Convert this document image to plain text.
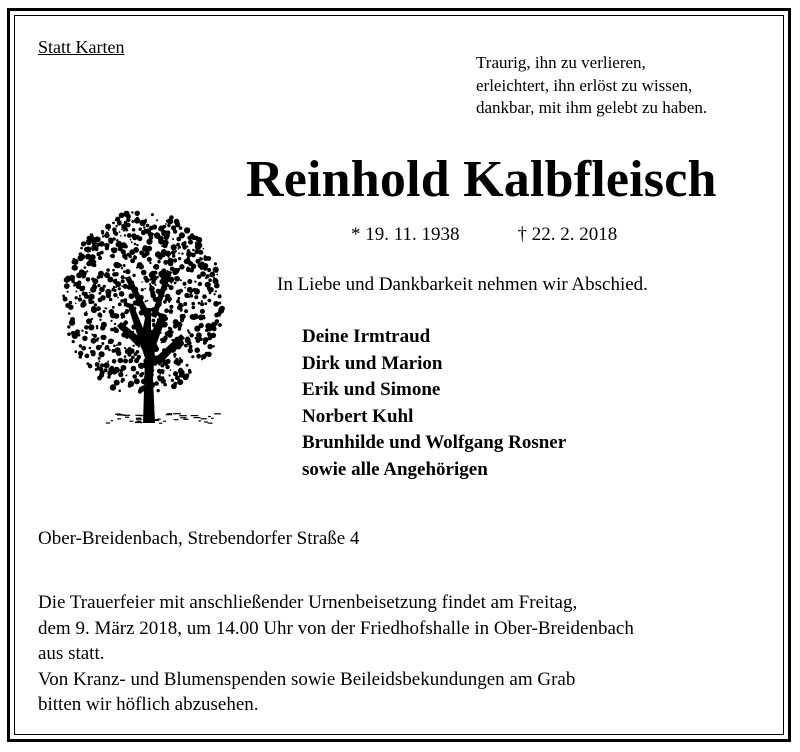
Statt Karten
Traurig, ihn zu verlieren,
erleichtert, ihn erlöst zu wissen,
dankbar, mit ihm gelebt zu haben.
Reinhold Kalbfleisch
* 19. 11. 1938	† 22. 2. 2018
In Liebe und Dankbarkeit nehmen wir Abschied.
Deine Irmtraud
Dirk und Marion
Erik und Simone
Norbert Kuhl
Brunhilde und Wolfgang Rosner
sowie alle Angehörigen
Ober-Breidenbach, Strebendorfer Straße 4
Die Trauerfeier mit anschließender Urnenbeisetzung findet am Freitag,
dem 9. März 2018, um 14.00 Uhr von der Friedhofshalle in Ober-Breidenbach
aus statt.
Von Kranz- und Blumenspenden sowie Beileidsbekundungen am Grab
bitten wir höflich abzusehen.
